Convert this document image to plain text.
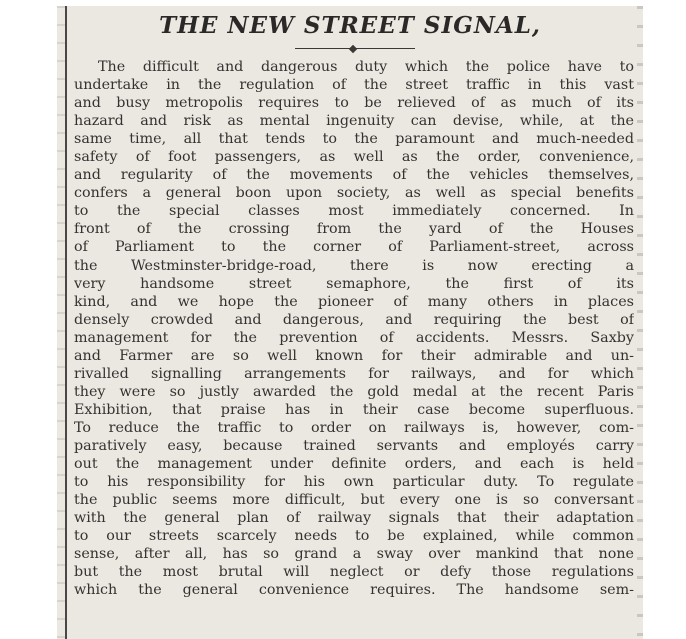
THE NEW STREET SIGNAL,
The difficult and dangerous duty which the police have to
undertake in the regulation of the street traffic in this vast
and busy metropolis requires to be relieved of as much of its
hazard and risk as mental ingenuity can devise, while, at the
same time, all that tends to the paramount and much-needed
safety of foot passengers, as well as the order, convenience,
and regularity of the movements of the vehicles themselves,
confers a general boon upon society, as well as special benefits
to the special classes most immediately concerned. In
front of the crossing from the yard of the Houses
of Parliament to the corner of Parliament-street, across
the Westminster-bridge-road, there is now erecting a
very handsome street semaphore, the first of its
kind, and we hope the pioneer of many others in places
densely crowded and dangerous, and requiring the best of
management for the prevention of accidents. Messrs. Saxby
and Farmer are so well known for their admirable and un-
rivalled signalling arrangements for railways, and for which
they were so justly awarded the gold medal at the recent Paris
Exhibition, that praise has in their case become superfluous.
To reduce the traffic to order on railways is, however, com-
paratively easy, because trained servants and employés carry
out the management under definite orders, and each is held
to his responsibility for his own particular duty. To regulate
the public seems more difficult, but every one is so conversant
with the general plan of railway signals that their adaptation
to our streets scarcely needs to be explained, while common
sense, after all, has so grand a sway over mankind that none
but the most brutal will neglect or defy those regulations
which the general convenience requires. The handsome sem-
